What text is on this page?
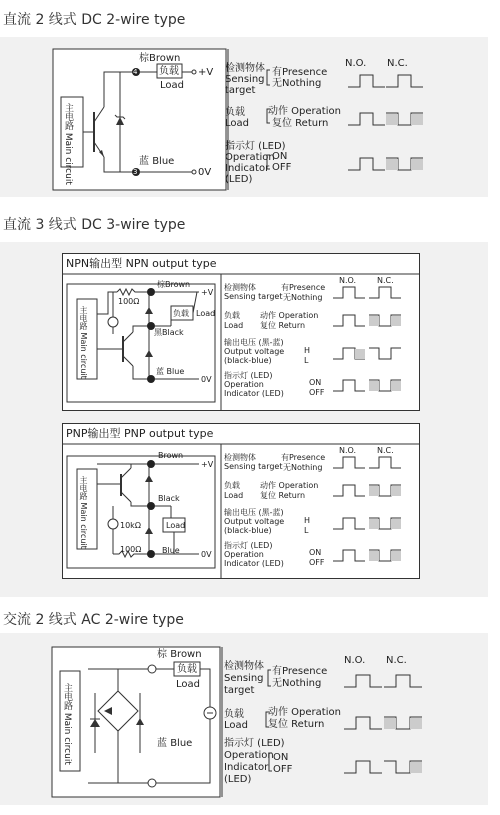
直流 2 线式 DC 2-wire type
主电路 Main circuit
4
3
棕Brown
负载
Load
+V
蓝 Blue
0V
N.O. N.C.
检测物体
Sensing
target
有Presence
无Nothing
负载
Load
动作 Operation
复位 Return
指示灯 (LED)
Operation
Indicator
(LED)
ON
OFF
直流 3 线式 DC 3-wire type
NPN输出型 NPN output type
主电路 Main circuit
100Ω
棕Brown
+V
负载 Load
黑Black
蓝 Blue
0V
N.O.	N.C.
检测物体
Sensing target
有Presence
无Nothing
负载
Load
动作 Operation
复位 Return
输出电压 (黑-蓝)
Output voltage
(black-blue)
H
L
指示灯 (LED)
Operation
Indicator (LED)
ON
OFF
PNP输出型 PNP output type
主电路 Main circuit
Brown
+V
Black
Load
10kΩ
100Ω	Blue	0V
N.O.	N.C.
检测物体
Sensing target
有Presence
无Nothing
负载
Load
动作 Operation
复位 Return
输出电压 (黑-蓝)
Output voltage
(black-blue)
H
L
指示灯 (LED)
Operation
Indicator (LED)
ON
OFF
交流 2 线式 AC 2-wire type
主电路 Main circuit
棕 Brown
负载
Load
蓝 Blue
N.O. N.C.
检测物体
Sensing
target
有Presence
无Nothing
负载
Load
动作 Operation
复位 Return
指示灯 (LED)
Operation
Indicator
(LED)
ON
OFF
